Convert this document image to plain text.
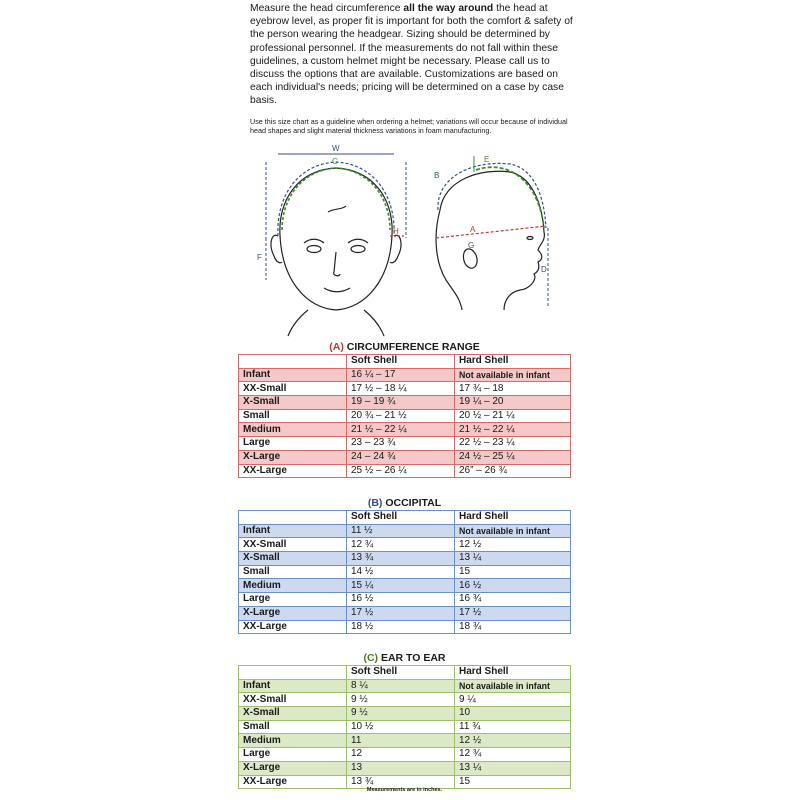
Measure the head circumference all the way around the head at eyebrow level, as proper fit is important for both the comfort & safety of the person wearing the headgear. Sizing should be determined by professional personnel. If the measurements do not fall within these guidelines, a custom helmet might be necessary. Please call us to discuss the options that are available. Customizations are based on each individual's needs; pricing will be determined on a case by case basis.

Use this size chart as a guideline when ordering a helmet; variations will occur because of individual head shapes and slight material thickness variations in foam manufacturing.
W
C
F
H
B
E
A
G
D
(A) CIRCUMFERENCE RANGE
	Soft Shell	Hard Shell
Infant	16 ¼ – 17	Not available in infant
XX-Small	17 ½ – 18 ¼	17 ¾ – 18
X-Small	19 – 19 ¾	19 ¼ – 20
Small	20 ¾ – 21 ½	20 ½ – 21 ¼
Medium	21 ½ – 22 ¼	21 ½ – 22 ¼
Large	23 – 23 ¾	22 ½ – 23 ¼
X-Large	24 – 24 ¾	24 ½ – 25 ¼
XX-Large	25 ½ – 26 ¼	26” – 26 ¾
(B) OCCIPITAL
	Soft Shell	Hard Shell
Infant	11 ½	Not available in infant
XX-Small	12 ¾	12 ½
X-Small	13 ¾	13 ¼
Small	14 ½	15
Medium	15 ¼	16 ½
Large	16 ½	16 ¾
X-Large	17 ½	17 ½
XX-Large	18 ½	18 ¾
(C) EAR TO EAR
	Soft Shell	Hard Shell
Infant	8 ¼	Not available in infant
XX-Small	9 ½	9 ¼
X-Small	9 ½	10
Small	10 ½	11 ¾
Medium	11	12 ½
Large	12	12 ¾
X-Large	13	13 ¼
XX-Large	13 ¾	15
Measurements are in inches.
